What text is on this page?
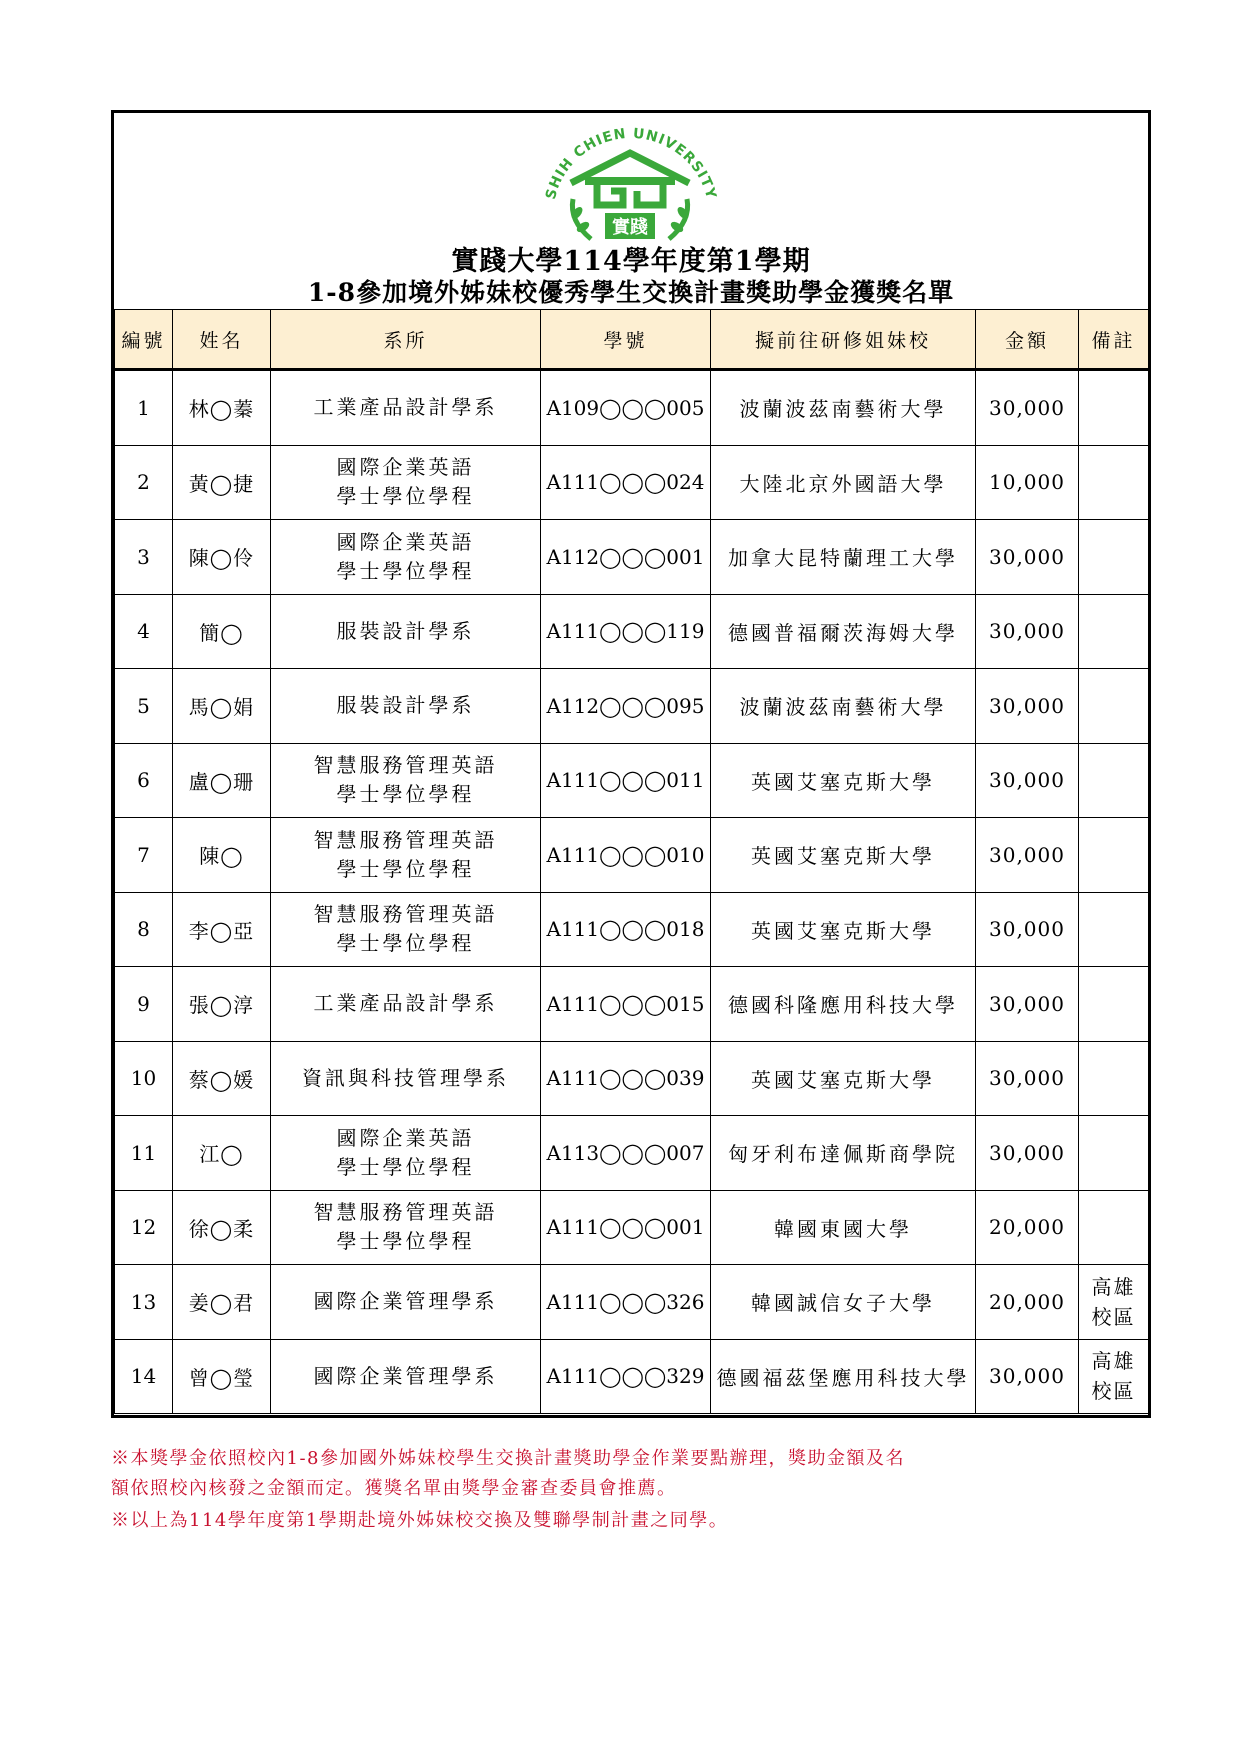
SHIH CHIEN UNIVERSITY
實踐
實踐大學114學年度第1學期
1-8參加境外姊妹校優秀學生交換計畫獎助學金獲獎名單
編號	姓名	系所	學號	擬前往研修姐妹校	金額	備註
1	林◯蓁	工業產品設計學系	A109◯◯◯005	波蘭波茲南藝術大學	30,000	

2	黃◯捷	國際企業英語
學士學位學程	A111◯◯◯024	大陸北京外國語大學	10,000	

3	陳◯伶	國際企業英語
學士學位學程	A112◯◯◯001	加拿大昆特蘭理工大學	30,000	

4	簡◯	服裝設計學系	A111◯◯◯119	德國普福爾茨海姆大學	30,000	

5	馬◯娟	服裝設計學系	A112◯◯◯095	波蘭波茲南藝術大學	30,000	

6	盧◯珊	智慧服務管理英語
學士學位學程	A111◯◯◯011	英國艾塞克斯大學	30,000	

7	陳◯	智慧服務管理英語
學士學位學程	A111◯◯◯010	英國艾塞克斯大學	30,000	

8	李◯亞	智慧服務管理英語
學士學位學程	A111◯◯◯018	英國艾塞克斯大學	30,000	

9	張◯淳	工業產品設計學系	A111◯◯◯015	德國科隆應用科技大學	30,000	

10	蔡◯媛	資訊與科技管理學系	A111◯◯◯039	英國艾塞克斯大學	30,000	

11	江◯	國際企業英語
學士學位學程	A113◯◯◯007	匈牙利布達佩斯商學院	30,000	

12	徐◯柔	智慧服務管理英語
學士學位學程	A111◯◯◯001	韓國東國大學	20,000	

13	姜◯君	國際企業管理學系	A111◯◯◯326	韓國誠信女子大學	20,000	高雄
校區

14	曾◯瑩	國際企業管理學系	A111◯◯◯329	德國福茲堡應用科技大學	30,000	高雄
校區
※本獎學金依照校內1-8參加國外姊妹校學生交換計畫獎助學金作業要點辦理，獎助金額及名
額依照校內核發之金額而定。獲獎名單由獎學金審查委員會推薦。
※以上為114學年度第1學期赴境外姊妹校交換及雙聯學制計畫之同學。
